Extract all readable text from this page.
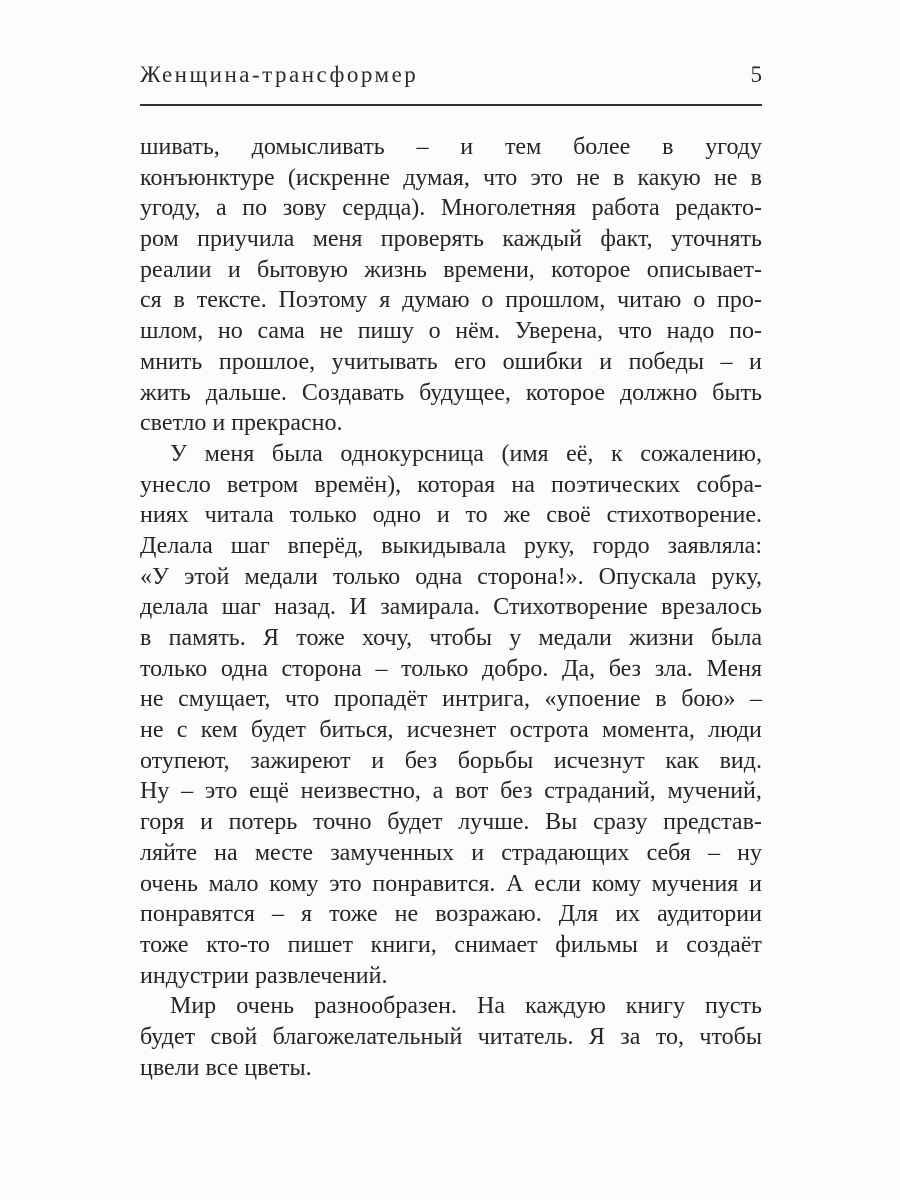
Женщина-трансформер	5
шивать, домысливать – и тем более в угоду
конъюнктуре (искренне думая, что это не в какую не в
угоду, а по зову сердца). Многолетняя работа редакто-
ром приучила меня проверять каждый факт, уточнять
реалии и бытовую жизнь времени, которое описывает-
ся в тексте. Поэтому я думаю о прошлом, читаю о про-
шлом, но сама не пишу о нём. Уверена, что надо по-
мнить прошлое, учитывать его ошибки и победы – и
жить дальше. Создавать будущее, которое должно быть
светло и прекрасно.
У меня была однокурсница (имя её, к сожалению,
унесло ветром времён), которая на поэтических собра-
ниях читала только одно и то же своё стихотворение.
Делала шаг вперёд, выкидывала руку, гордо заявляла:
«У этой медали только одна сторона!». Опускала руку,
делала шаг назад. И замирала. Стихотворение врезалось
в память. Я тоже хочу, чтобы у медали жизни была
только одна сторона – только добро. Да, без зла. Меня
не смущает, что пропадёт интрига, «упоение в бою» –
не с кем будет биться, исчезнет острота момента, люди
отупеют, зажиреют и без борьбы исчезнут как вид.
Ну – это ещё неизвестно, а вот без страданий, мучений,
горя и потерь точно будет лучше. Вы сразу представ-
ляйте на месте замученных и страдающих себя – ну
очень мало кому это понравится. А если кому мучения и
понравятся – я тоже не возражаю. Для их аудитории
тоже кто-то пишет книги, снимает фильмы и создаёт
индустрии развлечений.
Мир очень разнообразен. На каждую книгу пусть
будет свой благожелательный читатель. Я за то, чтобы
цвели все цветы.
